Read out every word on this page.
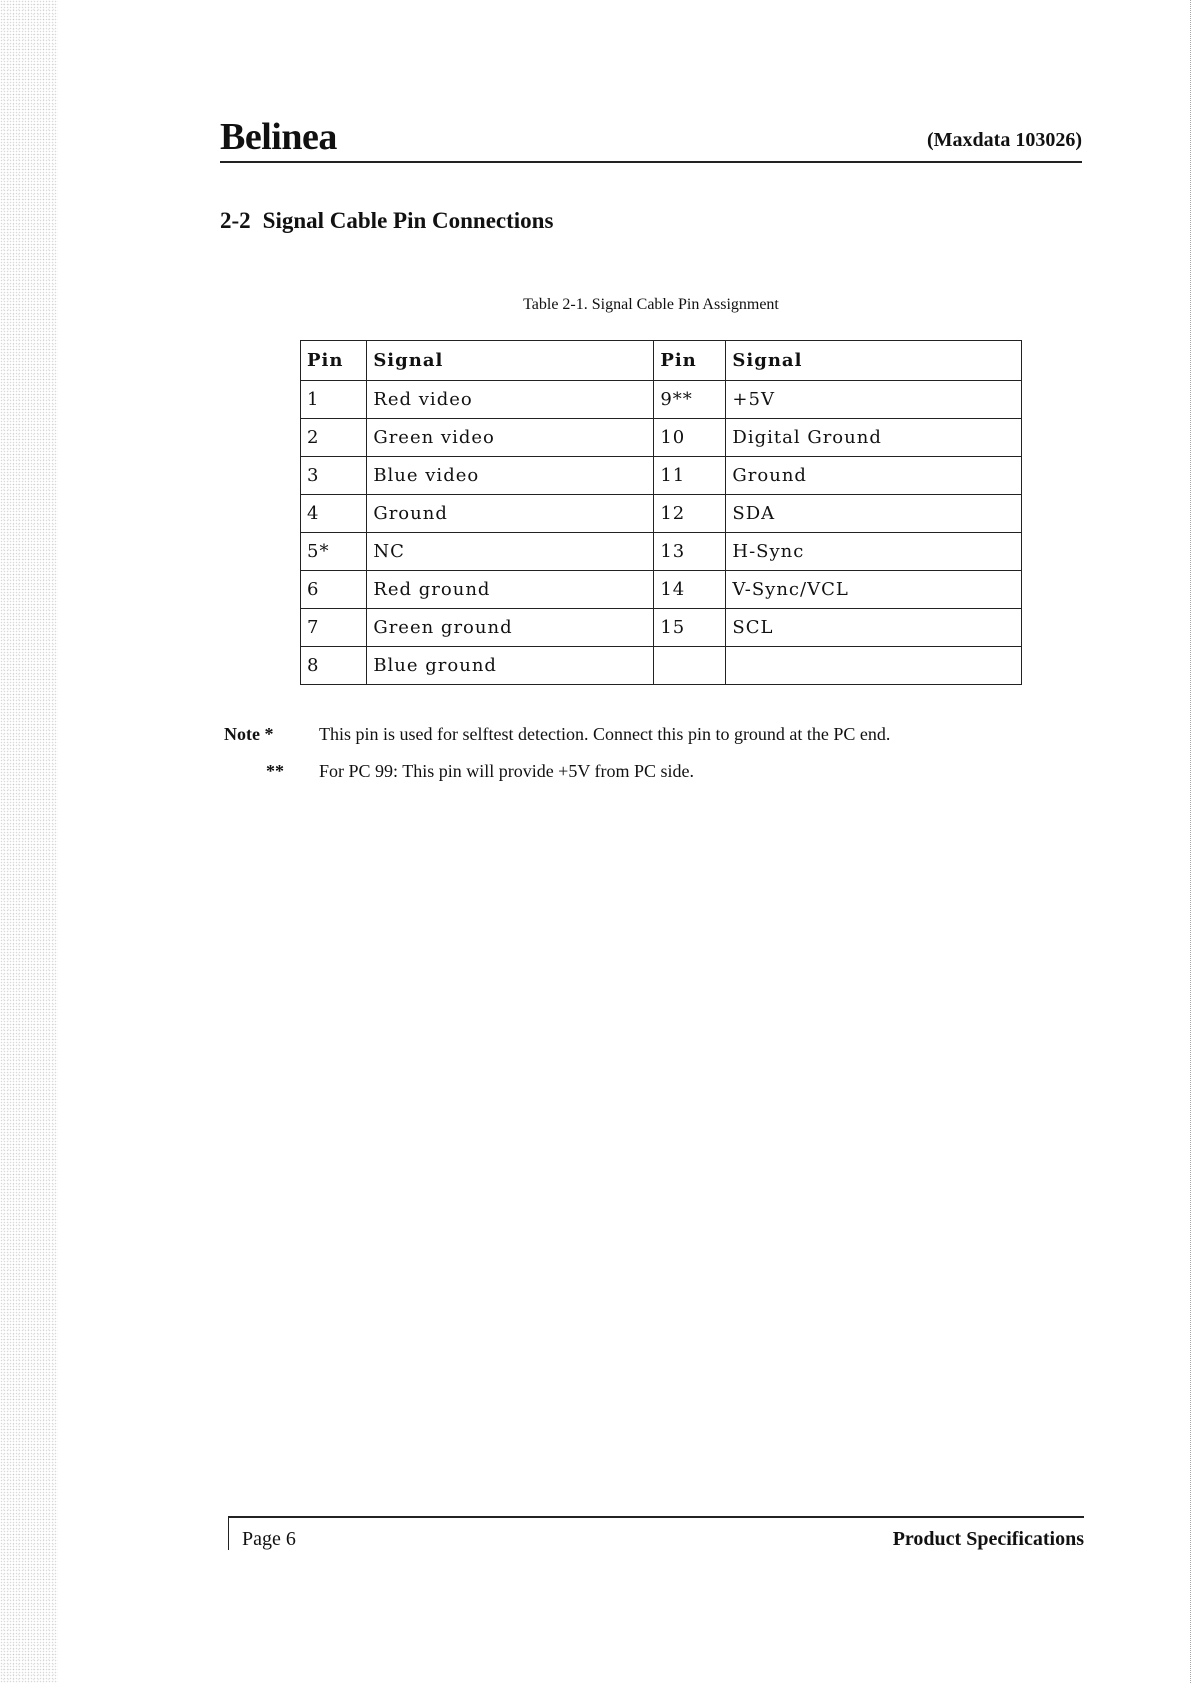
Belinea	(Maxdata 103026)
2-2 Signal Cable Pin Connections
Table 2-1. Signal Cable Pin Assignment
Pin	Signal	Pin	Signal
1	Red video	9**	+5V
2	Green video	10	Digital Ground
3	Blue video	11	Ground
4	Ground	12	SDA
5*	NC	13	H-Sync
6	Red ground	14	V-Sync/VCL
7	Green ground	15	SCL
8	Blue ground		
Note *	This pin is used for selftest detection. Connect this pin to ground at the PC end.
** For PC 99: This pin will provide +5V from PC side.
Page 6	Product Specifications
